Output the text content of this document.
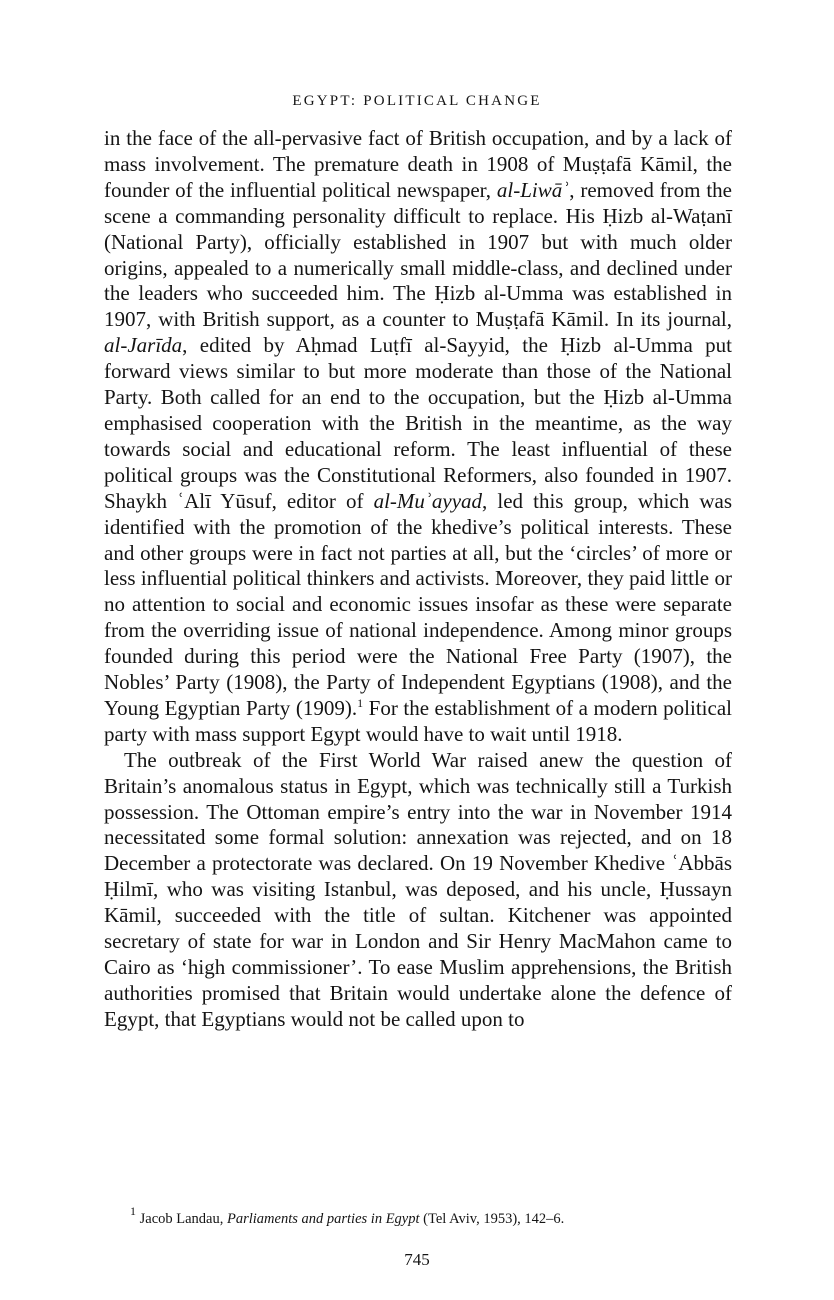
EGYPT: POLITICAL CHANGE

in the face of the all-pervasive fact of British occupation, and by a lack of mass involvement. The premature death in 1908 of Muṣṭafā Kāmil, the founder of the influential political newspaper, al-Liwāʾ, removed from the scene a commanding personality difficult to replace. His Ḥizb al-Waṭanī (National Party), officially established in 1907 but with much older origins, appealed to a numerically small middle-class, and declined under the leaders who succeeded him. The Ḥizb al-Umma was established in 1907, with British support, as a counter to Muṣṭafā Kāmil. In its journal, al-Jarīda, edited by Aḥmad Luṭfī al-Sayyid, the Ḥizb al-Umma put forward views similar to but more moderate than those of the National Party. Both called for an end to the occupation, but the Ḥizb al-Umma emphasised cooperation with the British in the meantime, as the way towards social and educational reform. The least influential of these political groups was the Constitutional Reformers, also founded in 1907. Shaykh ʿAlī Yūsuf, editor of al-Muʾayyad, led this group, which was identified with the promotion of the khedive’s political interests. These and other groups were in fact not parties at all, but the ‘circles’ of more or less influential political thinkers and activists. Moreover, they paid little or no attention to social and economic issues insofar as these were separate from the overriding issue of national independence. Among minor groups founded during this period were the National Free Party (1907), the Nobles’ Party (1908), the Party of Independent Egyptians (1908), and the Young Egyptian Party (1909).$^1$ For the establishment of a modern political party with mass support Egypt would have to wait until 1918.

The outbreak of the First World War raised anew the question of Britain’s anomalous status in Egypt, which was technically still a Turkish possession. The Ottoman empire’s entry into the war in November 1914 necessitated some formal solution: annexation was rejected, and on 18 December a protectorate was declared. On 19 November Khedive ʿAbbās Ḥilmī, who was visiting Istanbul, was deposed, and his uncle, Ḥussayn Kāmil, succeeded with the title of sultan. Kitchener was appointed secretary of state for war in London and Sir Henry MacMahon came to Cairo as ‘high commissioner’. To ease Muslim apprehensions, the British authorities promised that Britain would undertake alone the defence of Egypt, that Egyptians would not be called upon to

$^1$ Jacob Landau, Parliaments and parties in Egypt (Tel Aviv, 1953), 142–6.
745
